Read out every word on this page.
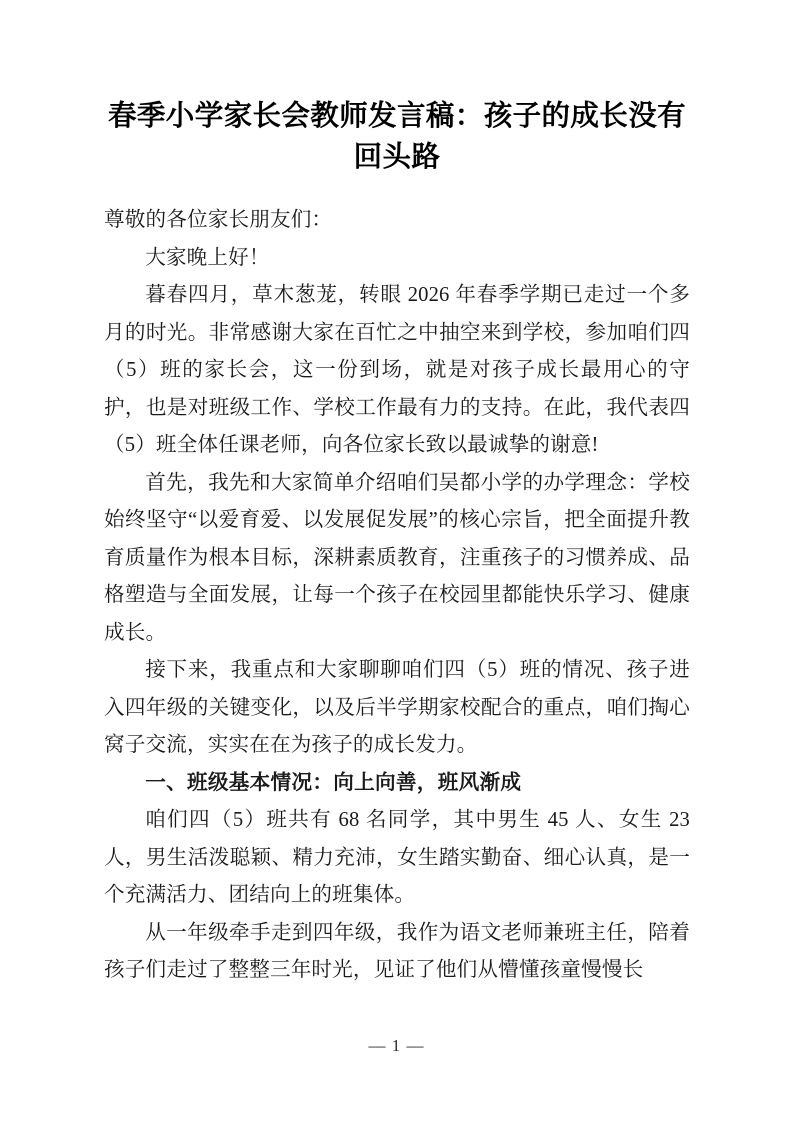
春季小学家长会教师发言稿：孩子的成长没有回头路

尊敬的各位家长朋友们：

大家晚上好！

暮春四月，草木葱茏，转眼 2026 年春季学期已走过一个多月的时光。非常感谢大家在百忙之中抽空来到学校，参加咱们四（5）班的家长会，这一份到场，就是对孩子成长最用心的守护，也是对班级工作、学校工作最有力的支持。在此，我代表四（5）班全体任课老师，向各位家长致以最诚挚的谢意!

首先，我先和大家简单介绍咱们吴都小学的办学理念：学校始终坚守“以爱育爱、以发展促发展”的核心宗旨，把全面提升教育质量作为根本目标，深耕素质教育，注重孩子的习惯养成、品格塑造与全面发展，让每一个孩子在校园里都能快乐学习、健康成长。

接下来，我重点和大家聊聊咱们四（5）班的情况、孩子进入四年级的关键变化，以及后半学期家校配合的重点，咱们掏心窝子交流，实实在在为孩子的成长发力。

一、班级基本情况：向上向善，班风渐成

咱们四（5）班共有 68 名同学，其中男生 45 人、女生 23 人，男生活泼聪颖、精力充沛，女生踏实勤奋、细心认真，是一个充满活力、团结向上的班集体。

从一年级牵手走到四年级，我作为语文老师兼班主任，陪着孩子们走过了整整三年时光，见证了他们从懵懂孩童慢慢长

— 1 —
